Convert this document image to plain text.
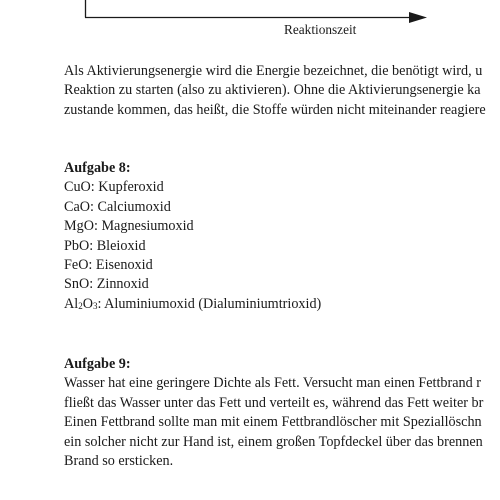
Reaktionszeit

Als Aktivierungsenergie wird die Energie bezeichnet, die benötigt wird, u
Reaktion zu starten (also zu aktivieren). Ohne die Aktivierungsenergie ka
zustande kommen, das heißt, die Stoffe würden nicht miteinander reagiere

Aufgabe 8:
CuO: Kupferoxid
CaO: Calciumoxid
MgO: Magnesiumoxid
PbO: Bleioxid
FeO: Eisenoxid
SnO: Zinnoxid
$Al_2O_3$: Aluminiumoxid (Dialuminiumtrioxid)
Aufgabe 9:
Wasser hat eine geringere Dichte als Fett. Versucht man einen Fettbrand r
fließt das Wasser unter das Fett und verteilt es, während das Fett weiter br
Einen Fettbrand sollte man mit einem Fettbrandlöscher mit Speziallöschn
ein solcher nicht zur Hand ist, einem großen Topfdeckel über das brennen
Brand so ersticken.
